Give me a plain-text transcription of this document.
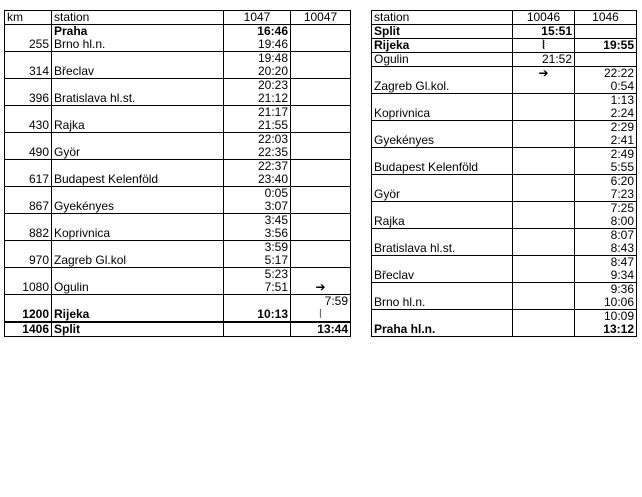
km	station	1047	10047
	Praha	16:46	
255	Brno hl.n.	19:46	
		19:48	
314	Břeclav	20:20	
		20:23	
396	Bratislava hl.st.	21:12	
		21:17	
430	Rajka	21:55	
		22:03	
490	Györ	22:35	
		22:37	
617	Budapest Kelenföld	23:40	
		0:05	
867	Gyekényes	3:07	
		3:45	
882	Koprivnica	3:56	
		3:59	
970	Zagreb Gl.kol	5:17	
		5:23	
1080	Ogulin	7:51	➔
			7:59
1200	Rijeka	10:13	⦚
1406	Split		13:44
station	10046	1046
Split	15:51	
Rijeka	⦚	19:55
Ogulin	21:52	
	➔	22:22
Zagreb Gl.kol.		0:54
		1:13
Koprivnica		2:24
		2:29
Gyekényes		2:41
		2:49
Budapest Kelenföld		5:55
		6:20
Györ		7:23
		7:25
Rajka		8:00
		8:07
Bratislava hl.st.		8:43
		8:47
Břeclav		9:34
		9:36
Brno hl.n.		10:06
		10:09
Praha hl.n.		13:12
